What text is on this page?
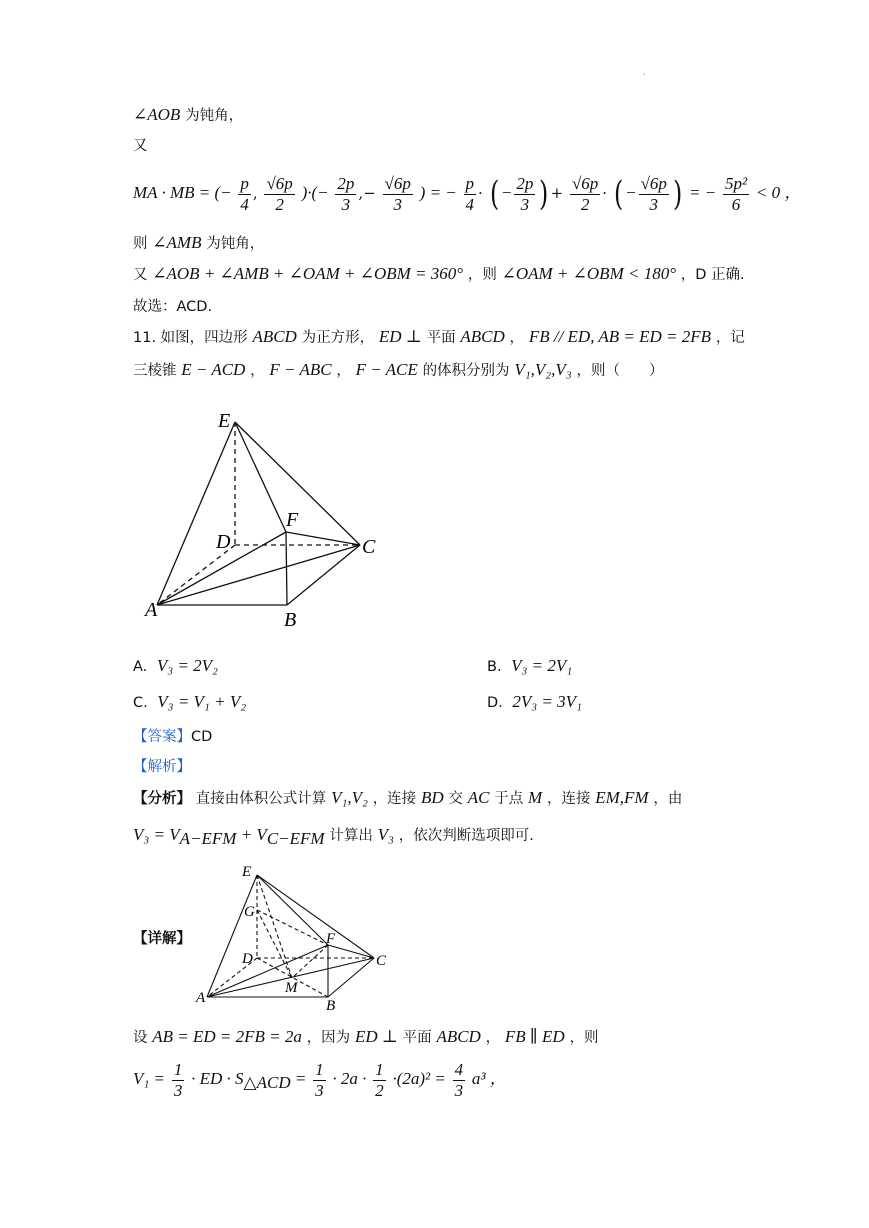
·
∠AOB 为钝角，
又
MA · MB = (− $\frac{p}{4}$ , $\frac{√6p}{2}$ )·(− $\frac{2p}{3}$ ,− $\frac{√6p}{3}$ ) = − $\frac{p}{4}$ · ( − $\frac{2p}{3}$ ) + $\frac{√6p}{2}$ · ( − $\frac{√6p}{3}$ ) = − $\frac{\text{5p²}}{6} < 0$ ，
则 ∠AMB 为钝角，
又 ∠AOB + ∠AMB + ∠OAM + ∠OBM = 360° ，则 ∠OAM + ∠OBM < 180° ，D 正确.
故选：ACD.
11. 如图，四边形 ABCD 为正方形， ED ⊥ 平面 ABCD ， FB // ED, AB = ED = 2FB ，记
三棱锥 E − ACD ， F − ABC ， F − ACE 的体积分别为 V₁,V₂,V₃ ，则（　　）
E
F
D	C
A	B
A. V₃ = 2V₂	B. V₃ = 2V₁
C. V₃ = V₁ + V₂	D. 2V₃ = 3V₁
【答案】CD
【解析】
【分析】 直接由体积公式计算 V₁,V₂ ，连接 BD 交 AC 于点 M ，连接 EM,FM ，由
$V_3 = V_{A-EFM} + V_{C-EFM}$ 计算出 V₃ ，依次判断选项即可.
【详解】
E
G
F
D	C
A
M
B
设 AB = ED = 2FB = 2a ，因为 ED ⊥ 平面 ABCD ， FB ∥ ED ，则
$V_1 = \frac{1}{3}$ · ED · $S_{\triangle ACD} = \frac{1}{3} \cdot 2a \cdot \frac{1}{2} \cdot(2a)^2 = \frac{4}{3} a^3$ ，
